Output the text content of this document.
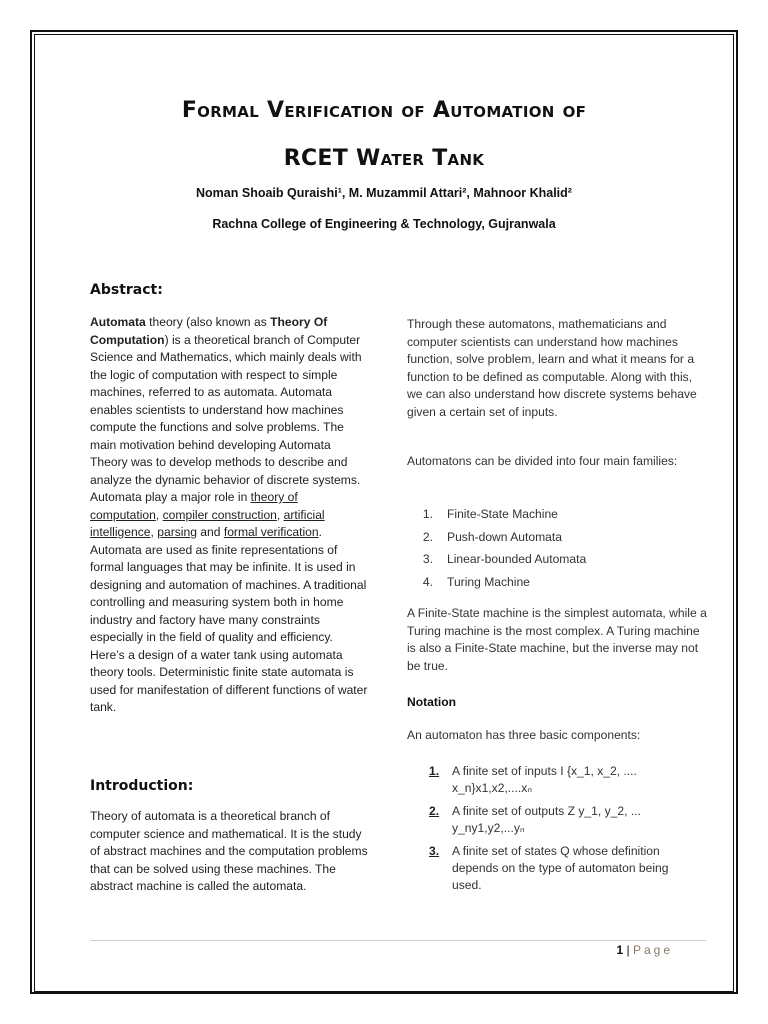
Formal Verification of Automation of
RCET Water Tank
Noman Shoaib Quraishi¹, M. Muzammil Attari², Mahnoor Khalid²
Rachna College of Engineering & Technology, Gujranwala
Abstract:
Automata theory (also known as Theory Of Computation) is a theoretical branch of Computer Science and Mathematics, which mainly deals with the logic of computation with respect to simple machines, referred to as automata. Automata enables scientists to understand how machines compute the functions and solve problems. The main motivation behind developing Automata Theory was to develop methods to describe and analyze the dynamic behavior of discrete systems.
Automata play a major role in theory of computation, compiler construction, artificial intelligence, parsing and formal verification. Automata are used as finite representations of formal languages that may be infinite. It is used in designing and automation of machines. A traditional controlling and measuring system both in home industry and factory have many constraints especially in the field of quality and efficiency. Here’s a design of a water tank using automata theory tools. Deterministic finite state automata is used for manifestation of different functions of water tank.
Introduction:
Theory of automata is a theoretical branch of computer science and mathematical. It is the study of abstract machines and the computation problems that can be solved using these machines. The abstract machine is called the automata.
Through these automatons, mathematicians and computer scientists can understand how machines function, solve problem, learn and what it means for a function to be defined as computable. Along with this, we can also understand how discrete systems behave given a certain set of inputs.
Automatons can be divided into four main families:
1. Finite-State Machine
2. Push-down Automata
3. Linear-bounded Automata
4. Turing Machine
A Finite-State machine is the simplest automata, while a Turing machine is the most complex. A Turing machine is also a Finite-State machine, but the inverse may not be true.
Notation
An automaton has three basic components:
1. A finite set of inputs I {x_1, x_2, .... x_n}x1,x2,....xₙ
2. A finite set of outputs Z y_1, y_2, ... y_ny1,y2,...yₙ
3. A finite set of states Q whose definition depends on the type of automaton being used.
1 | Page
